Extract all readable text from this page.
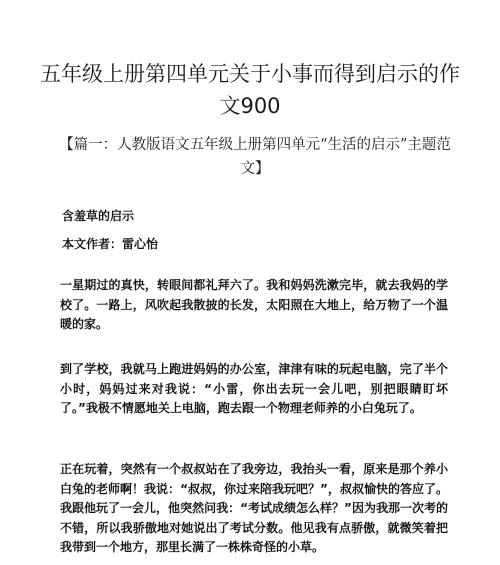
五年级上册第四单元关于小事而得到启示的作文900
【篇一：人教版语文五年级上册第四单元“生活的启示”主题范文】
含羞草的启示
本文作者：雷心怡
一星期过的真快，转眼间都礼拜六了。我和妈妈洗漱完毕，就去我妈的学校了。一路上，风吹起我散披的长发，太阳照在大地上，给万物了一个温暖的家。
到了学校，我就马上跑进妈妈的办公室，津津有味的玩起电脑，完了半个小时，妈妈过来对我说：“小雷，你出去玩一会儿吧，别把眼睛盯坏了。”我极不情愿地关上电脑，跑去跟一个物理老师养的小白兔玩了。
正在玩着，突然有一个叔叔站在了我旁边，我抬头一看，原来是那个养小白兔的老师啊！我说：“叔叔，你过来陪我玩吧？”，叔叔愉快的答应了。我跟他玩了一会儿，他突然问我：“考试成绩怎么样？”因为我那一次考的不错，所以我骄傲地对她说出了考试分数。他见我有点骄傲，就微笑着把我带到一个地方，那里长满了一株株奇怪的小草。
